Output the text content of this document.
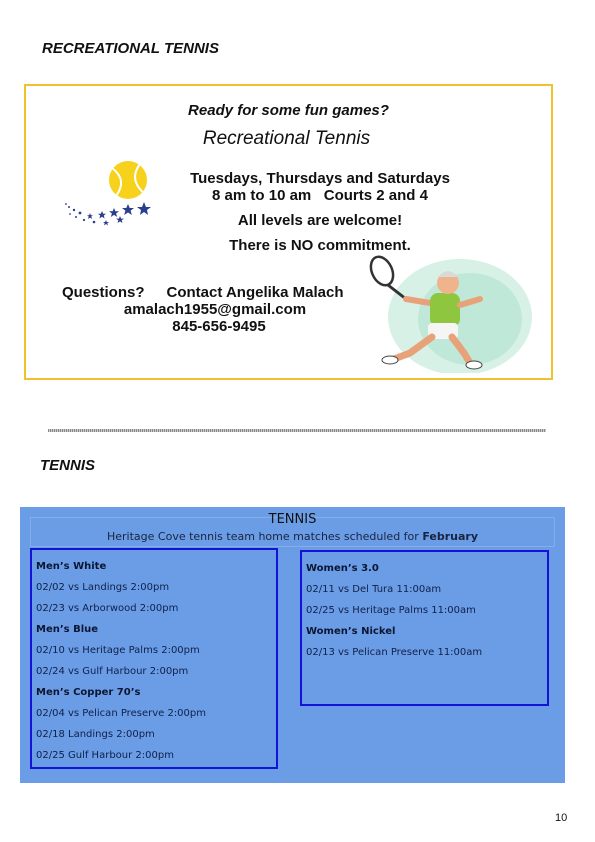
RECREATIONAL TENNIS
Ready for some fun games?
Recreational Tennis
Tuesdays, Thursdays and Saturdays
8 am to 10 am   Courts 2 and 4
All levels are welcome!
There is NO commitment.
Questions? Contact Angelika Malach
amalach1955@gmail.com
845-656-9495
TENNIS
TENNIS
Heritage Cove tennis team home matches scheduled for February
Men’s White
02/02 vs Landings 2:00pm
02/23 vs Arborwood 2:00pm
Men’s Blue
02/10 vs Heritage Palms 2:00pm
02/24 vs Gulf Harbour 2:00pm
Men’s Copper 70’s
02/04 vs Pelican Preserve 2:00pm
02/18 Landings 2:00pm
02/25 Gulf Harbour 2:00pm
Women’s 3.0
02/11 vs Del Tura 11:00am
02/25 vs Heritage Palms 11:00am
Women’s Nickel
02/13 vs Pelican Preserve 11:00am
10
